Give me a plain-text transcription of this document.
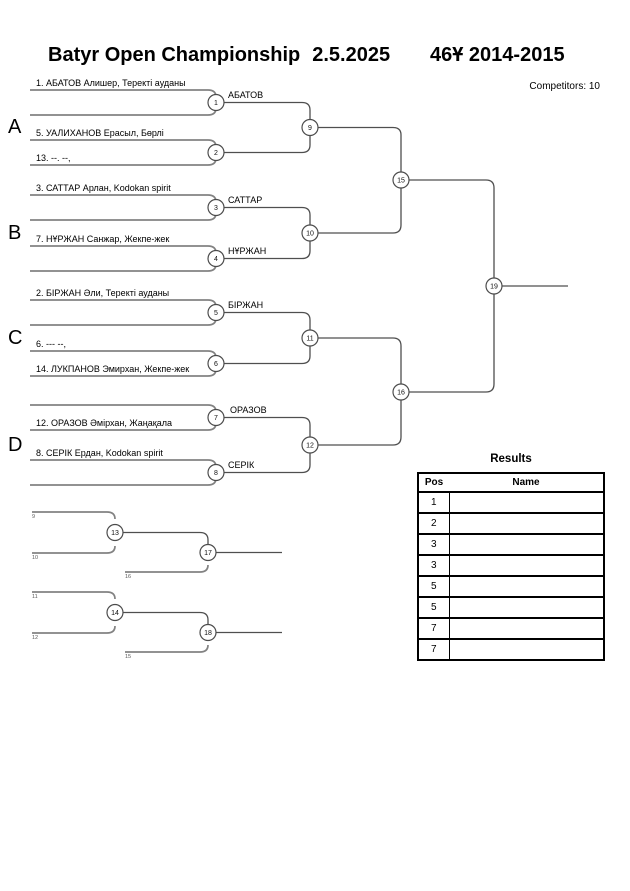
Batyr Open Championship 2.5.2025 46Ұ 2014-2015
Competitors: 10
1
2
3
4
5
6
7
8
9
10
11
12
15
16
19
13
17
14
18
A
B
C
D
1. АБАТОВ Алишер, Теректі ауданы
5. УАЛИХАНОВ Ерасыл, Бөрлі
13. --. --,
3. САТТАР Арлан, Kodokan spirit
7. НҰРЖАН Санжар, Жекпе-жек
2. БІРЖАН Әли, Теректі ауданы
6. --- --,
14. ЛУКПАНОВ Эмирхан, Жекпе-жек
12. ОРАЗОВ Әмірхан, Жаңақала
8. СЕРІК Ердан, Kodokan spirit
АБАТОВ
САТТАР
НҰРЖАН
БІРЖАН
ОРАЗОВ
СЕРІК
9
10
16
11
12
15
Results
Pos	Name
1	
2	
3	
3	
5	
5	
7	
7	
